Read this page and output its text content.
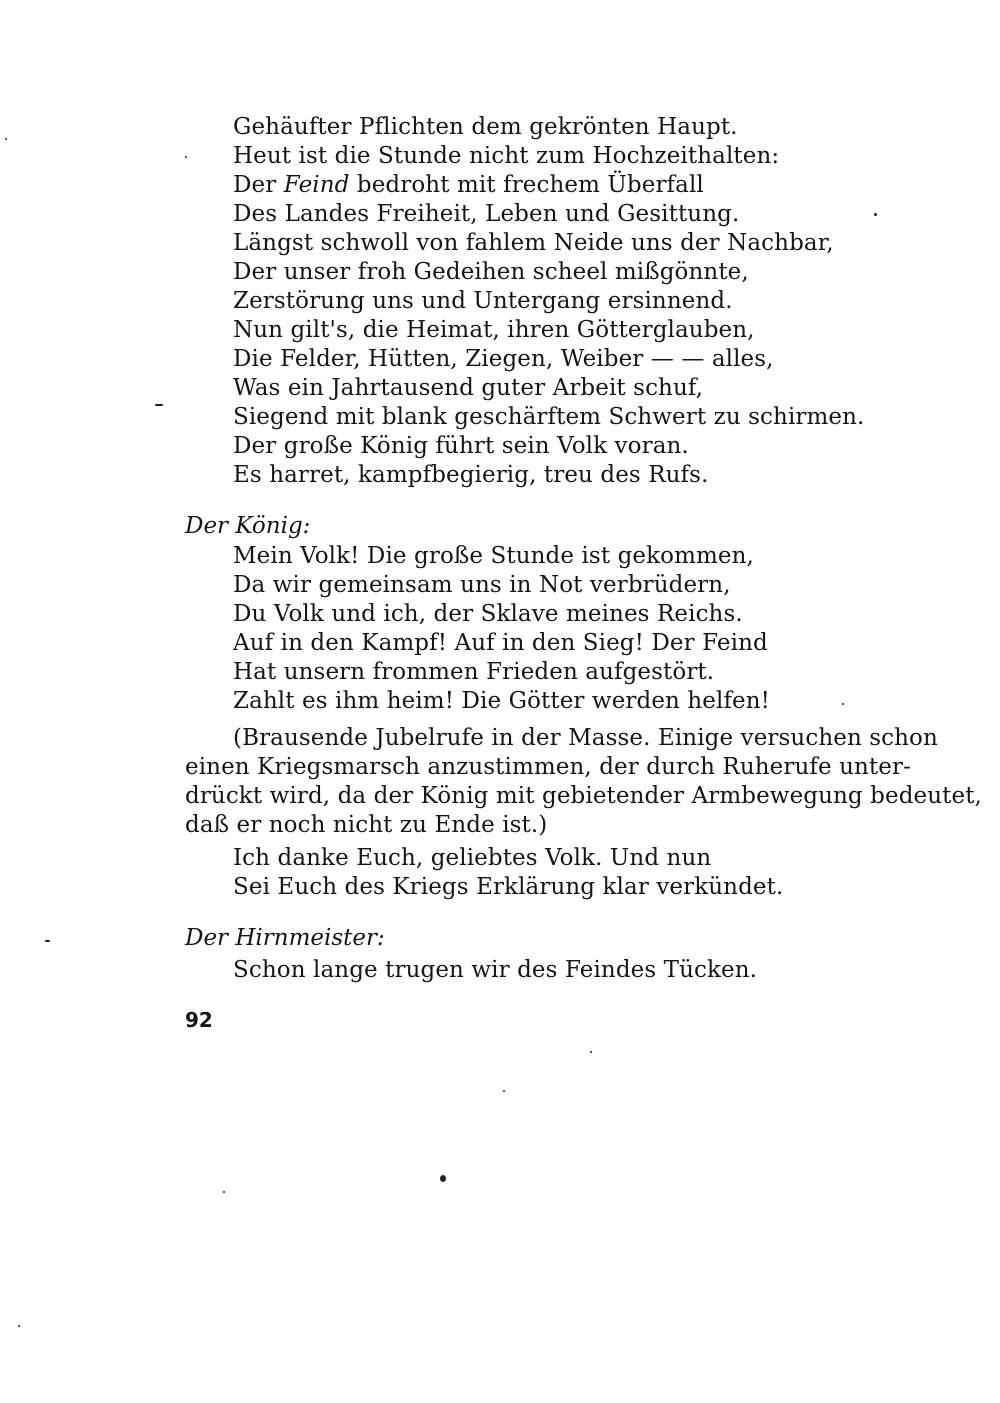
Gehäufter Pflichten dem gekrönten Haupt.
Heut ist die Stunde nicht zum Hochzeithalten:
Der Feind bedroht mit frechem Überfall
Des Landes Freiheit, Leben und Gesittung.
Längst schwoll von fahlem Neide uns der Nachbar,
Der unser froh Gedeihen scheel mißgönnte,
Zerstörung uns und Untergang ersinnend.
Nun gilt's, die Heimat, ihren Götterglauben,
Die Felder, Hütten, Ziegen, Weiber — — alles,
Was ein Jahrtausend guter Arbeit schuf,
Siegend mit blank geschärftem Schwert zu schirmen.
Der große König führt sein Volk voran.
Es harret, kampfbegierig, treu des Rufs.
Der König:
Mein Volk! Die große Stunde ist gekommen,
Da wir gemeinsam uns in Not verbrüdern,
Du Volk und ich, der Sklave meines Reichs.
Auf in den Kampf! Auf in den Sieg! Der Feind
Hat unsern frommen Frieden aufgestört.
Zahlt es ihm heim! Die Götter werden helfen!
(Brausende Jubelrufe in der Masse. Einige versuchen schon
einen Kriegsmarsch anzustimmen, der durch Ruherufe unter-
drückt wird, da der König mit gebietender Armbewegung bedeutet,
daß er noch nicht zu Ende ist.)
Ich danke Euch, geliebtes Volk. Und nun
Sei Euch des Kriegs Erklärung klar verkündet.
Der Hirnmeister:
Schon lange trugen wir des Feindes Tücken.
92
